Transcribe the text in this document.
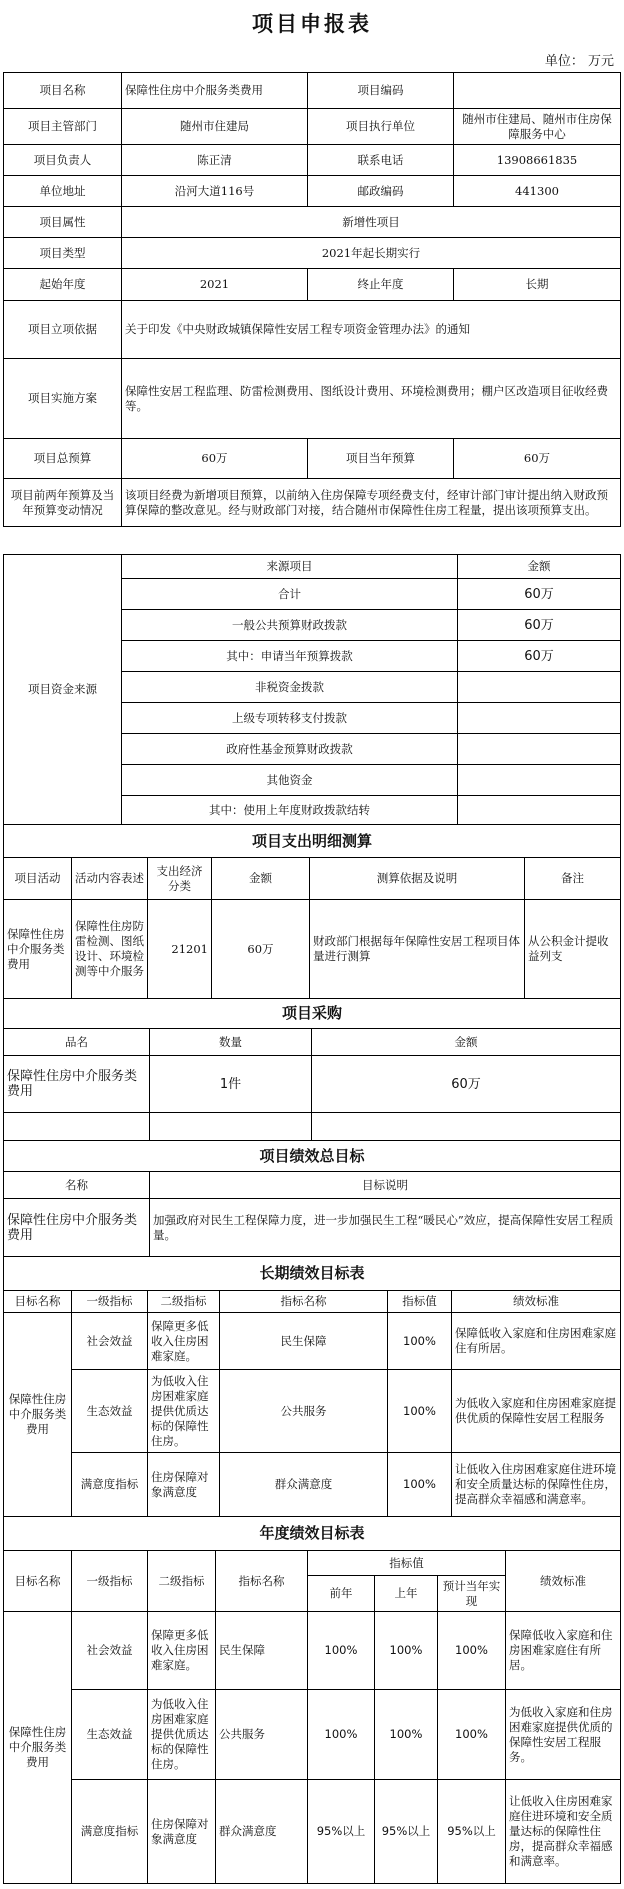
项目申报表
单位： 万元
项目名称	保障性住房中介服务类费用	项目编码	
项目主管部门	随州市住建局	项目执行单位	随州市住建局、随州市住房保障服务中心
项目负责人	陈正清	联系电话	13908661835
单位地址	沿河大道116号	邮政编码	441300
项目属性	新增性项目		
项目类型	2021年起长期实行		
起始年度	2021	终止年度	长期
项目立项依据	关于印发《中央财政城镇保障性安居工程专项资金管理办法》的通知		
项目实施方案	保障性安居工程监理、防雷检测费用、图纸设计费用、环境检测费用；棚户区改造项目征收经费等。		
项目总预算	60万	项目当年预算	60万
项目前两年预算及当年预算变动情况	该项目经费为新增项目预算，以前纳入住房保障专项经费支付，经审计部门审计提出纳入财政预算保障的整改意见。经与财政部门对接，结合随州市保障性住房工程量，提出该项预算支出。		
项目资金来源	来源项目	金额
	合计	60万
	一般公共预算财政拨款	60万
	其中：申请当年预算拨款	60万
	非税资金拨款	
	上级专项转移支付拨款	
	政府性基金预算财政拨款	
	其他资金	
	其中：使用上年度财政拨款结转	
项目支出明细测算					
项目活动	活动内容表述	支出经济分类	金额	测算依据及说明	备注
保障性住房中介服务类费用	保障性住房防雷检测、图纸设计、环境检测等中介服务	21201	60万	财政部门根据每年保障性安居工程项目体量进行测算	从公积金计提收益列支
项目采购		
品名	数量	金额
保障性住房中介服务类费用	1件	60万

项目绩效总目标	
名称	目标说明
保障性住房中介服务类费用	加强政府对民生工程保障力度，进一步加强民生工程“暖民心”效应，提高保障性安居工程质量。
长期绩效目标表					
目标名称	一级指标	二级指标	指标名称	指标值	绩效标准
保障性住房中介服务类费用	社会效益	保障更多低收入住房困难家庭。	民生保障	100%	保障低收入家庭和住房困难家庭住有所居。
	生态效益	为低收入住房困难家庭提供优质达标的保障性住房。	公共服务	100%	为低收入家庭和住房困难家庭提供优质的保障性安居工程服务
	满意度指标	住房保障对象满意度	群众满意度	100%	让低收入住房困难家庭住进环境和安全质量达标的保障性住房，提高群众幸福感和满意率。
年度绩效目标表							
目标名称	一级指标	二级指标	指标名称	指标值			绩效标准
				前年	上年	预计当年实现	
保障性住房中介服务类费用	社会效益	保障更多低收入住房困难家庭。	民生保障	100%	100%	100%	保障低收入家庭和住房困难家庭住有所居。
	生态效益	为低收入住房困难家庭提供优质达标的保障性住房。	公共服务	100%	100%	100%	为低收入家庭和住房困难家庭提供优质的保障性安居工程服务。
	满意度指标	住房保障对象满意度	群众满意度	95%以上	95%以上	95%以上	让低收入住房困难家庭住进环境和安全质量达标的保障性住房，提高群众幸福感和满意率。
